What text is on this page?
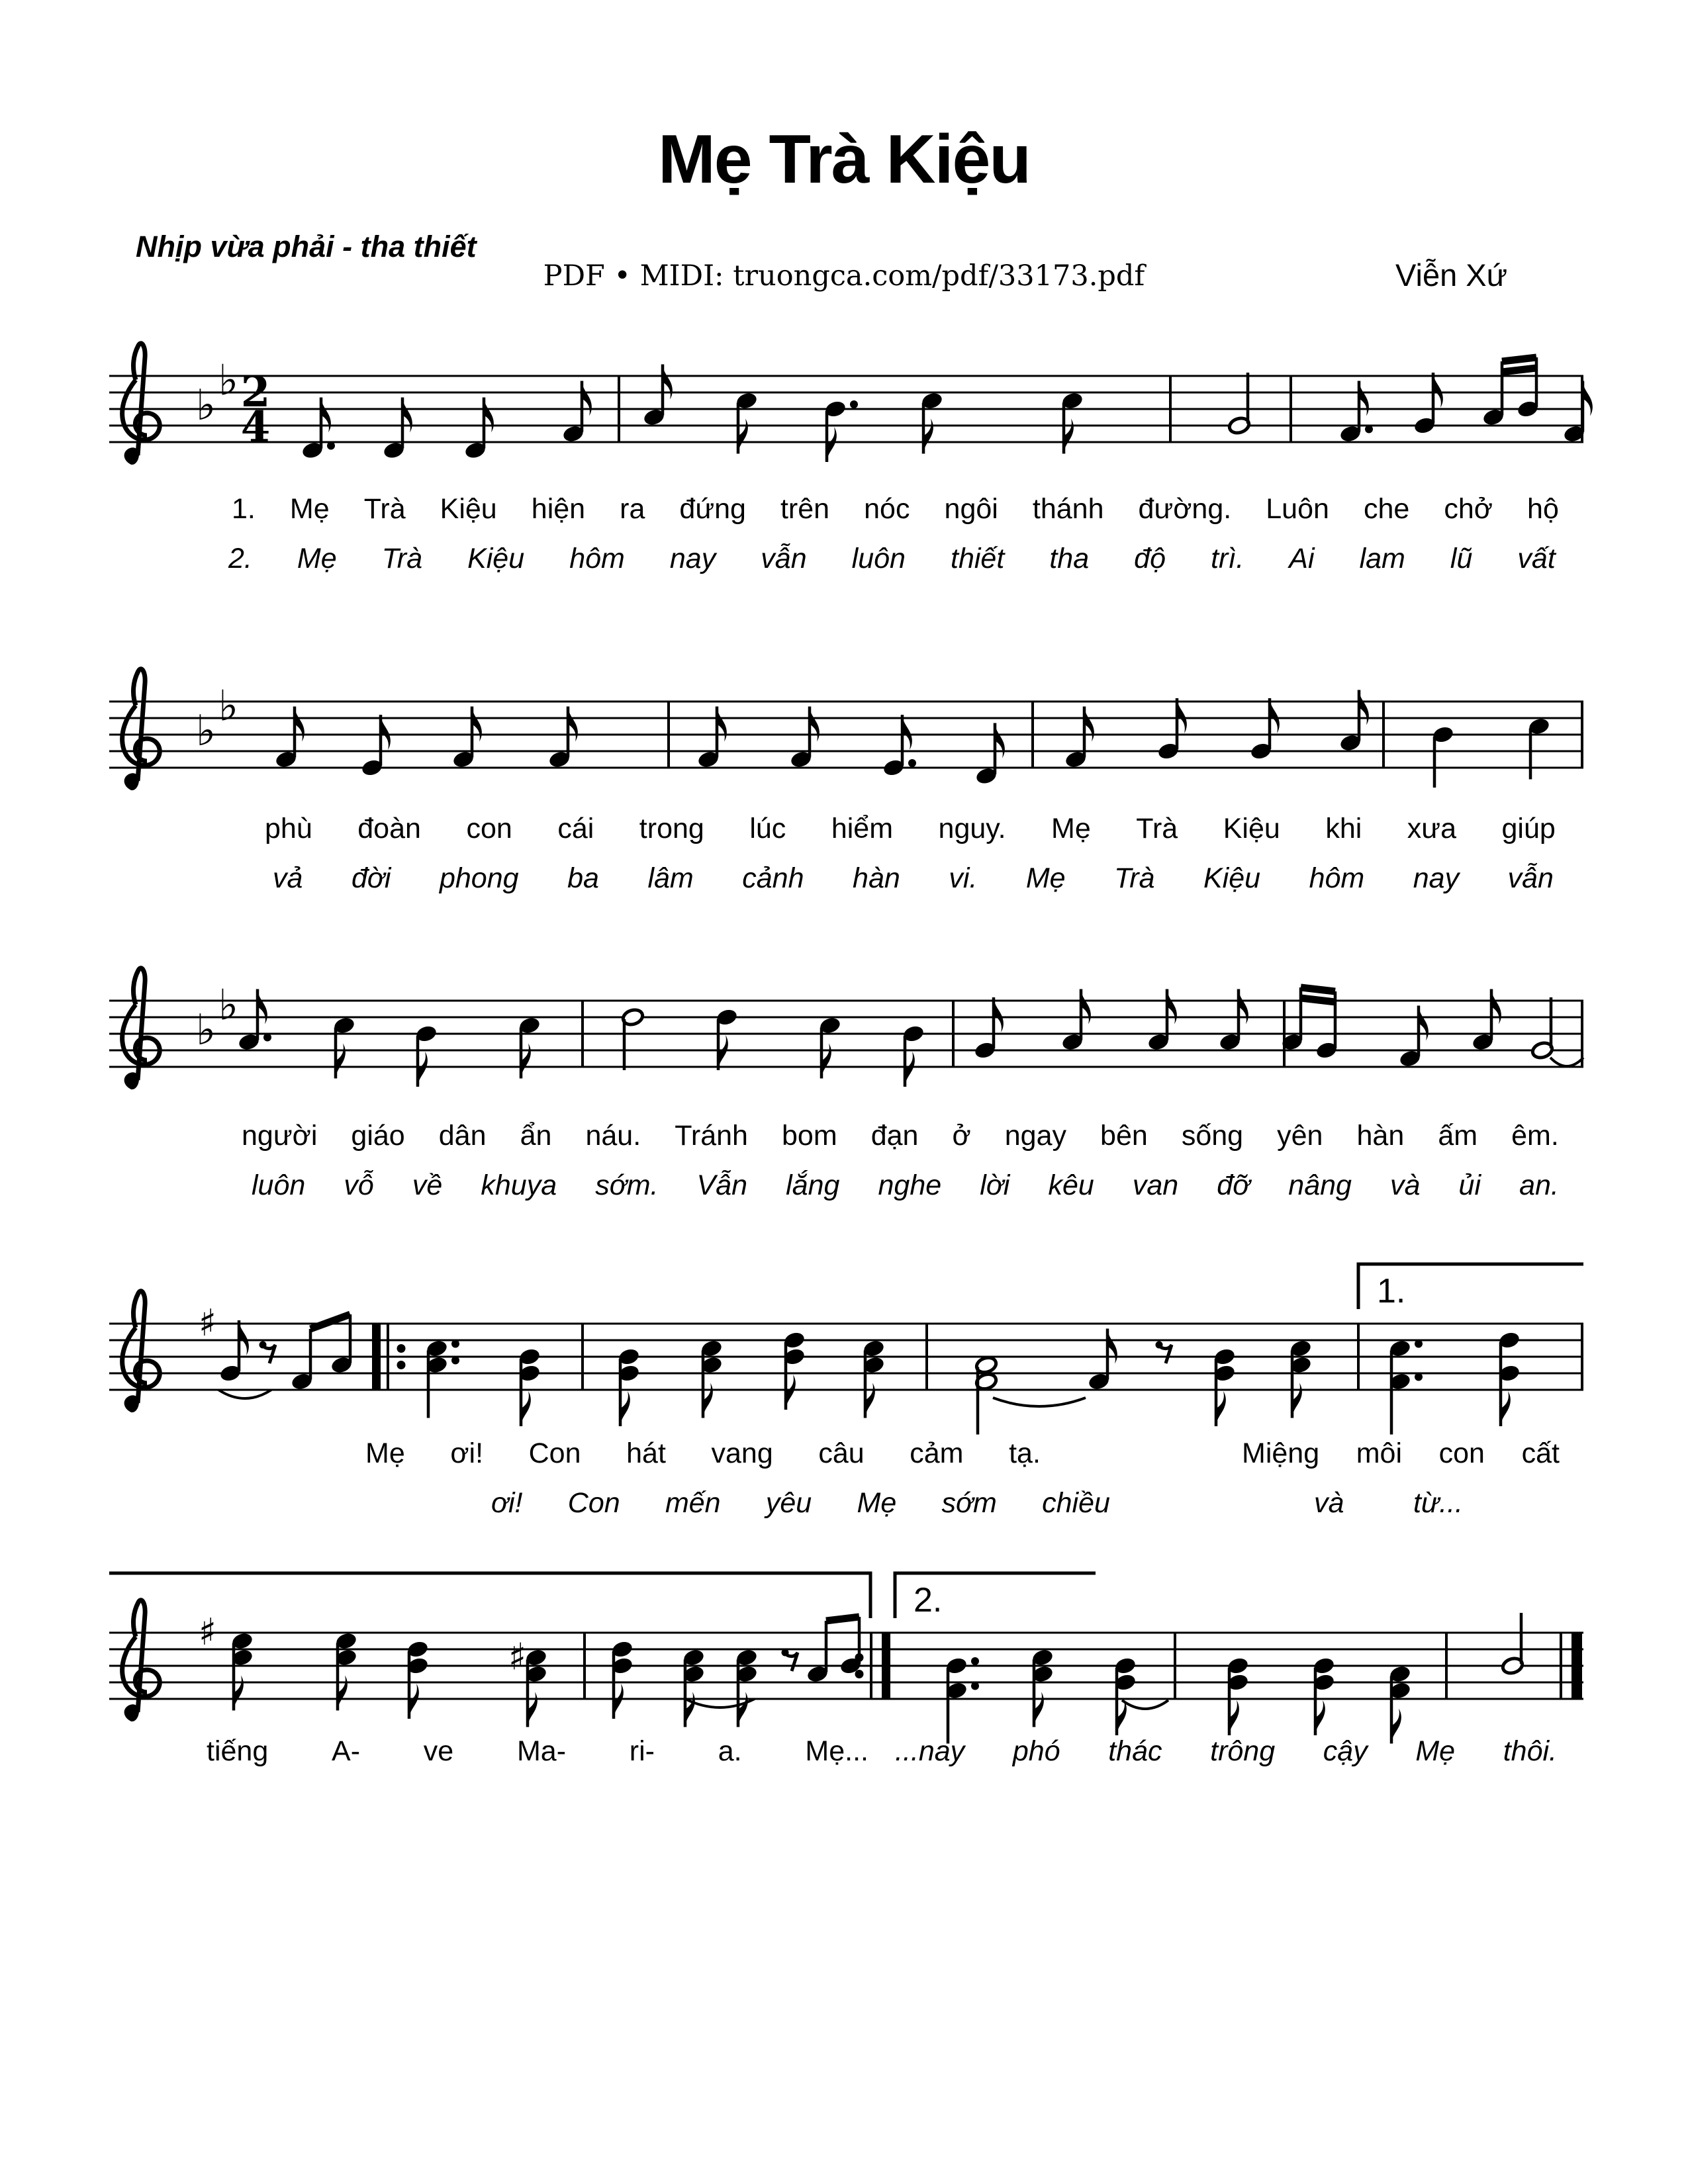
Mẹ Trà Kiệu
Nhịp vừa phải - tha thiết
PDF • MIDI: truongca.com/pdf/33173.pdf	Viễn Xứ
♭
♭ 2
4
♭
♭
♭
♭
♯
1.
♯
♯
2.
1. Mẹ Trà Kiệu hiện ra đứng trên nóc ngôi thánh đường. Luôn che chở hộ
2. Mẹ Trà Kiệu hôm nay vẫn luôn thiết tha độ trì. Ai lam lũ vất
phù đoàn con cái trong lúc hiểm nguy. Mẹ Trà Kiệu khi xưa giúp
vả đời phong ba lâm cảnh hàn vi. Mẹ Trà Kiệu hôm nay vẫn
người giáo dân ẩn náu. Tránh bom đạn ở ngay bên sống yên hàn ấm êm.
luôn vỗ về khuya sớm. Vẫn lắng nghe lời kêu van đỡ nâng và ủi an.
Mẹ ơi! Con hát vang câu cảm tạ.	Miệng môi con cất
ơi! Con mến yêu Mẹ sớm chiều	và từ...
tiếng A- ve Ma- ri- a. Mẹ... ...nay phó thác trông cậy Mẹ thôi.
